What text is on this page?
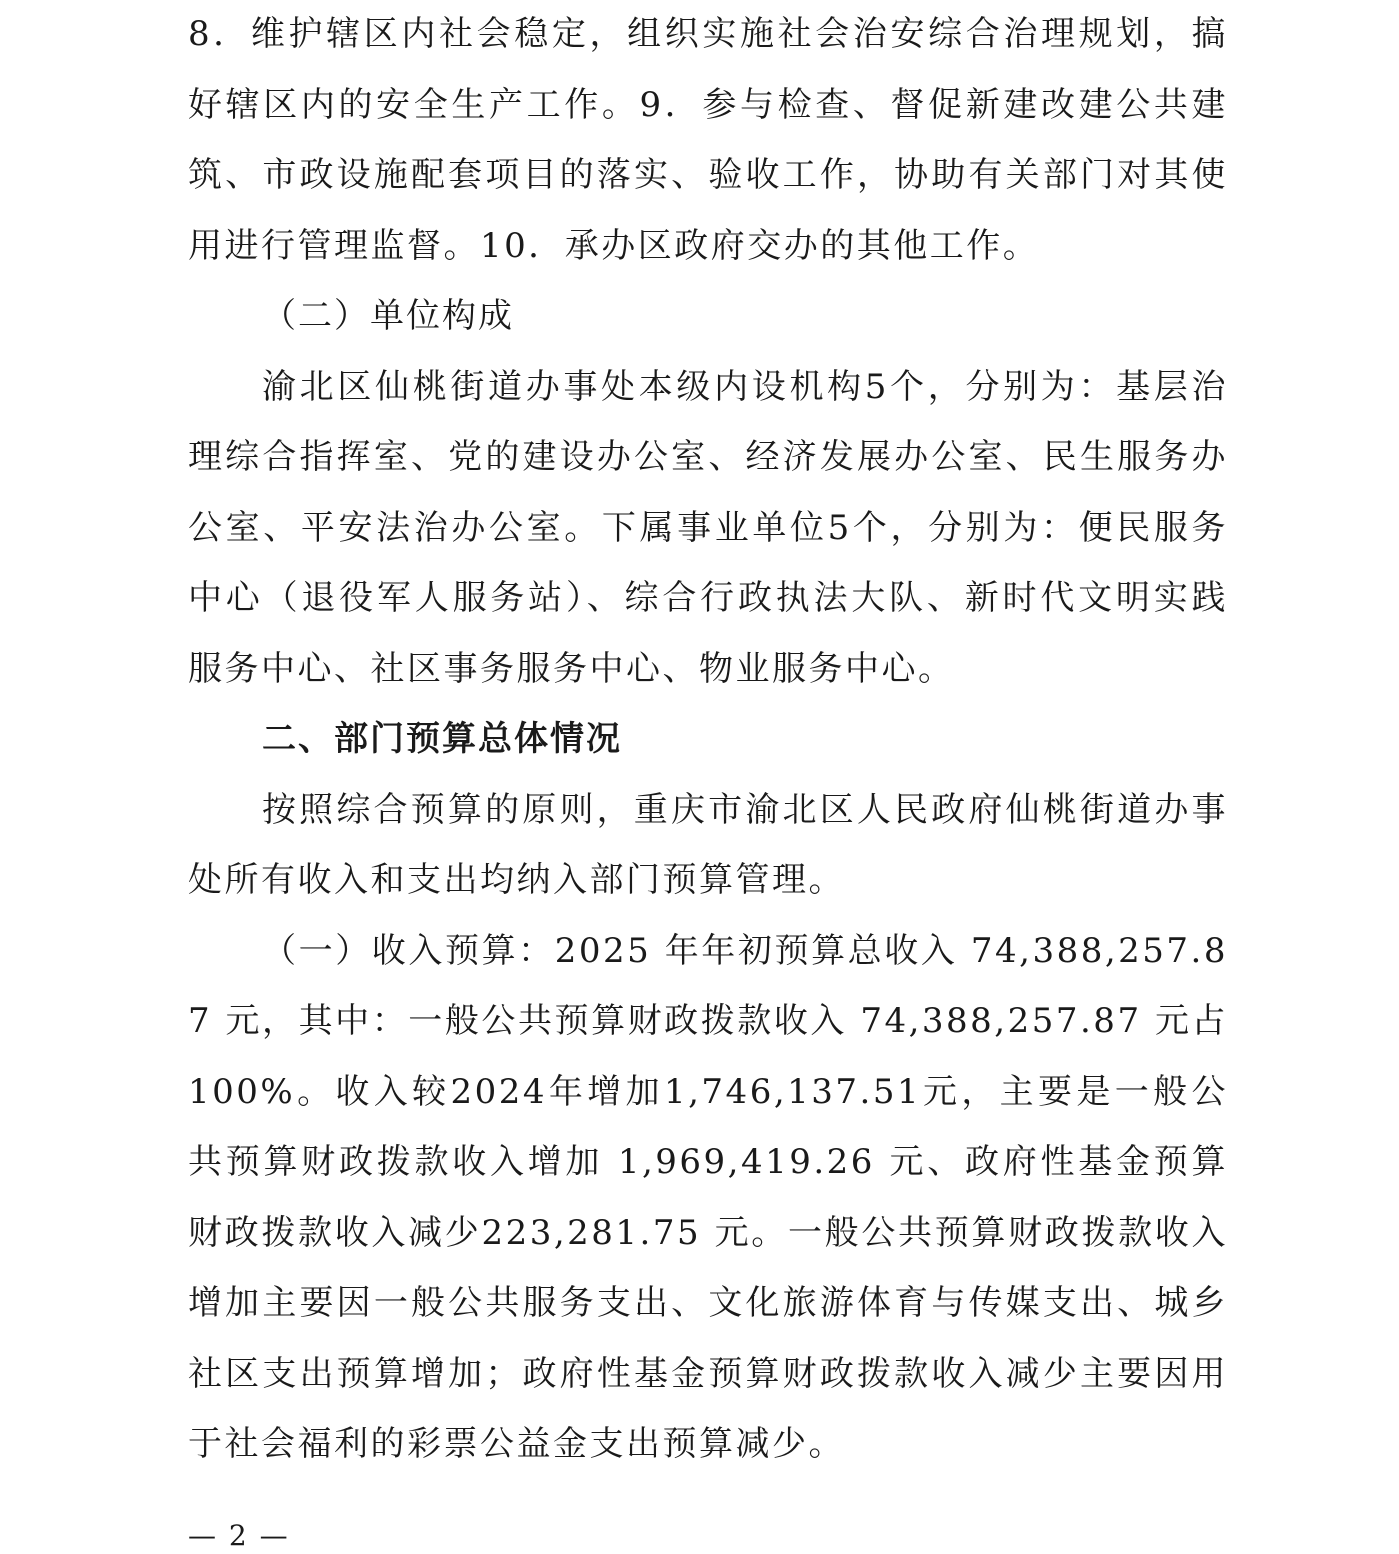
8．维护辖区内社会稳定，组织实施社会治安综合治理规划，搞好辖区内的安全生产工作。9．参与检查、督促新建改建公共建筑、市政设施配套项目的落实、验收工作，协助有关部门对其使用进行管理监督。10．承办区政府交办的其他工作。

（二）单位构成

渝北区仙桃街道办事处本级内设机构5个，分别为：基层治理综合指挥室、党的建设办公室、经济发展办公室、民生服务办公室、平安法治办公室。下属事业单位5个，分别为：便民服务中心（退役军人服务站）、综合行政执法大队、新时代文明实践服务中心、社区事务服务中心、物业服务中心。

二、部门预算总体情况

按照综合预算的原则，重庆市渝北区人民政府仙桃街道办事处所有收入和支出均纳入部门预算管理。

（一）收入预算：2025 年年初预算总收入 74,388,257.87 元，其中：一般公共预算财政拨款收入 74,388,257.87 元占 100%。收入较2024年增加1,746,137.51元，主要是一般公共预算财政拨款收入增加 1,969,419.26 元、政府性基金预算财政拨款收入减少223,281.75 元。一般公共预算财政拨款收入增加主要因一般公共服务支出、文化旅游体育与传媒支出、城乡社区支出预算增加；政府性基金预算财政拨款收入减少主要因用于社会福利的彩票公益金支出预算减少。

— 2 —
